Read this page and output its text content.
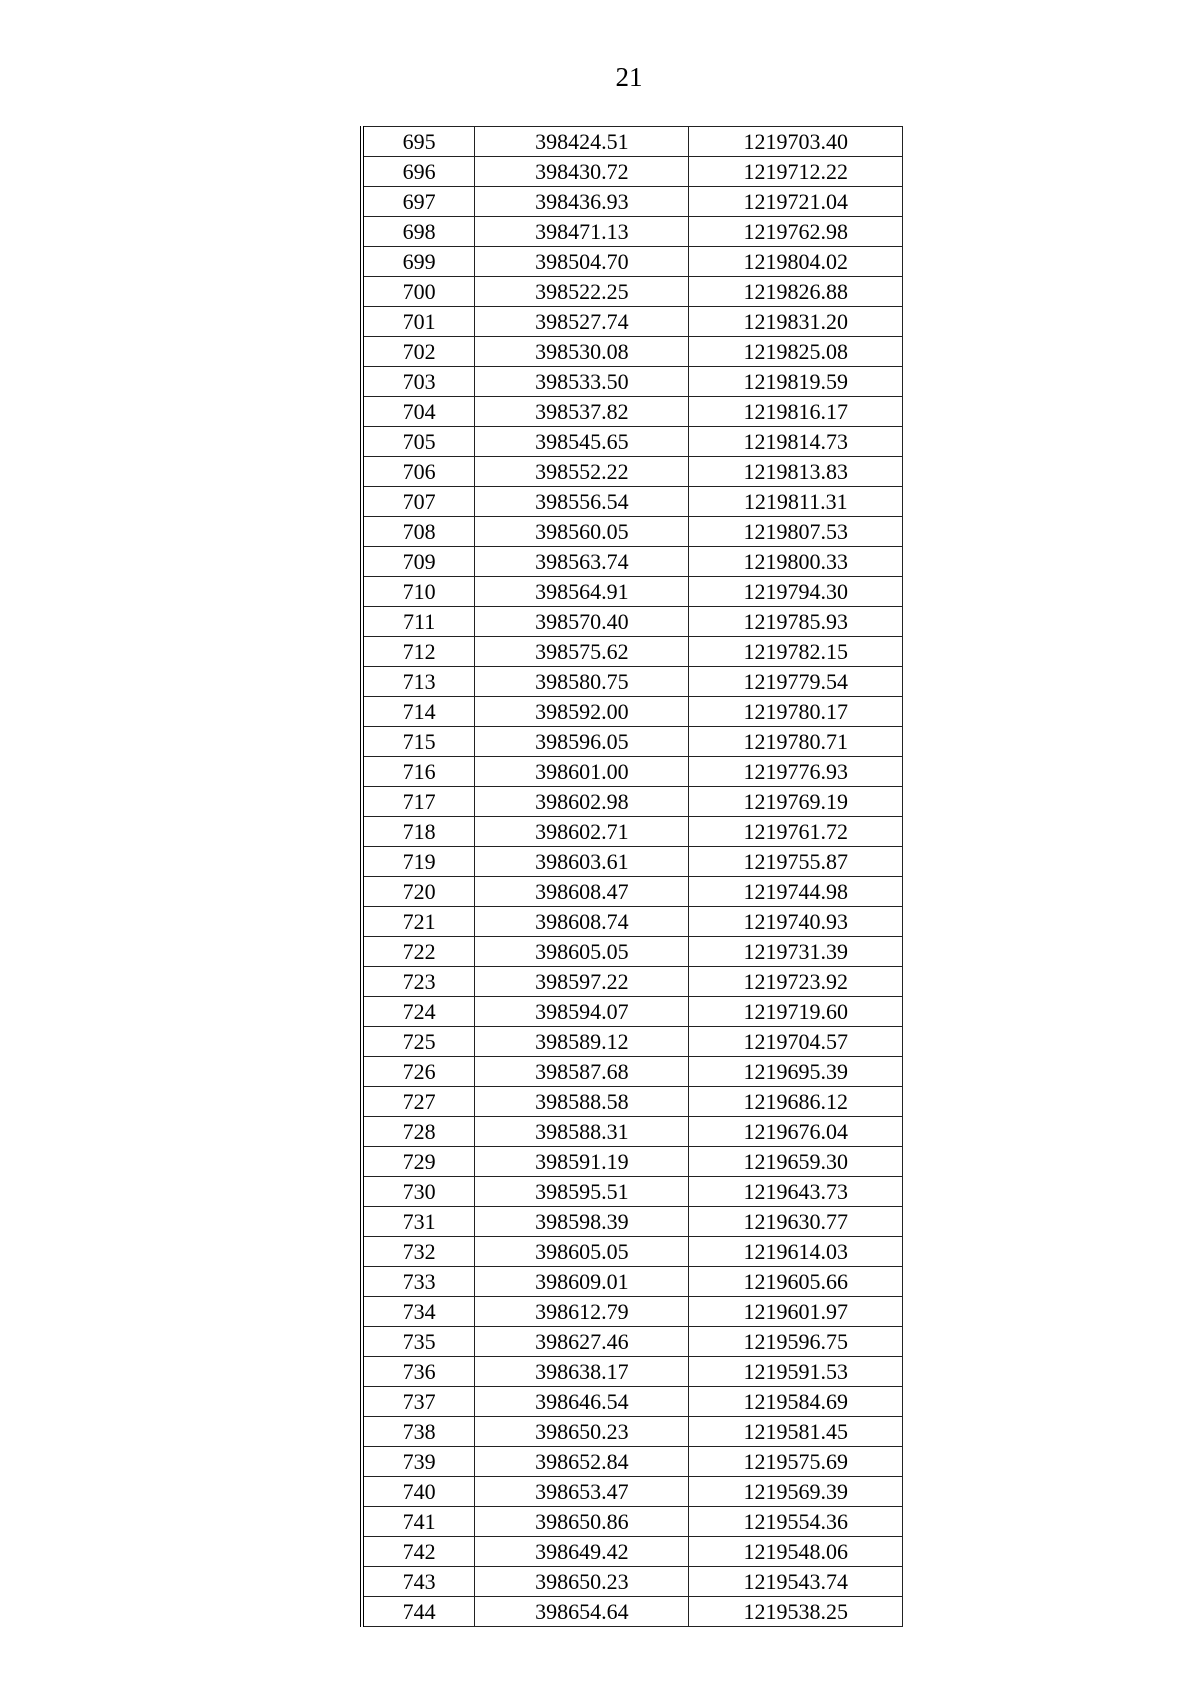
21
695	398424.51	1219703.40
696	398430.72	1219712.22
697	398436.93	1219721.04
698	398471.13	1219762.98
699	398504.70	1219804.02
700	398522.25	1219826.88
701	398527.74	1219831.20
702	398530.08	1219825.08
703	398533.50	1219819.59
704	398537.82	1219816.17
705	398545.65	1219814.73
706	398552.22	1219813.83
707	398556.54	1219811.31
708	398560.05	1219807.53
709	398563.74	1219800.33
710	398564.91	1219794.30
711	398570.40	1219785.93
712	398575.62	1219782.15
713	398580.75	1219779.54
714	398592.00	1219780.17
715	398596.05	1219780.71
716	398601.00	1219776.93
717	398602.98	1219769.19
718	398602.71	1219761.72
719	398603.61	1219755.87
720	398608.47	1219744.98
721	398608.74	1219740.93
722	398605.05	1219731.39
723	398597.22	1219723.92
724	398594.07	1219719.60
725	398589.12	1219704.57
726	398587.68	1219695.39
727	398588.58	1219686.12
728	398588.31	1219676.04
729	398591.19	1219659.30
730	398595.51	1219643.73
731	398598.39	1219630.77
732	398605.05	1219614.03
733	398609.01	1219605.66
734	398612.79	1219601.97
735	398627.46	1219596.75
736	398638.17	1219591.53
737	398646.54	1219584.69
738	398650.23	1219581.45
739	398652.84	1219575.69
740	398653.47	1219569.39
741	398650.86	1219554.36
742	398649.42	1219548.06
743	398650.23	1219543.74
744	398654.64	1219538.25
